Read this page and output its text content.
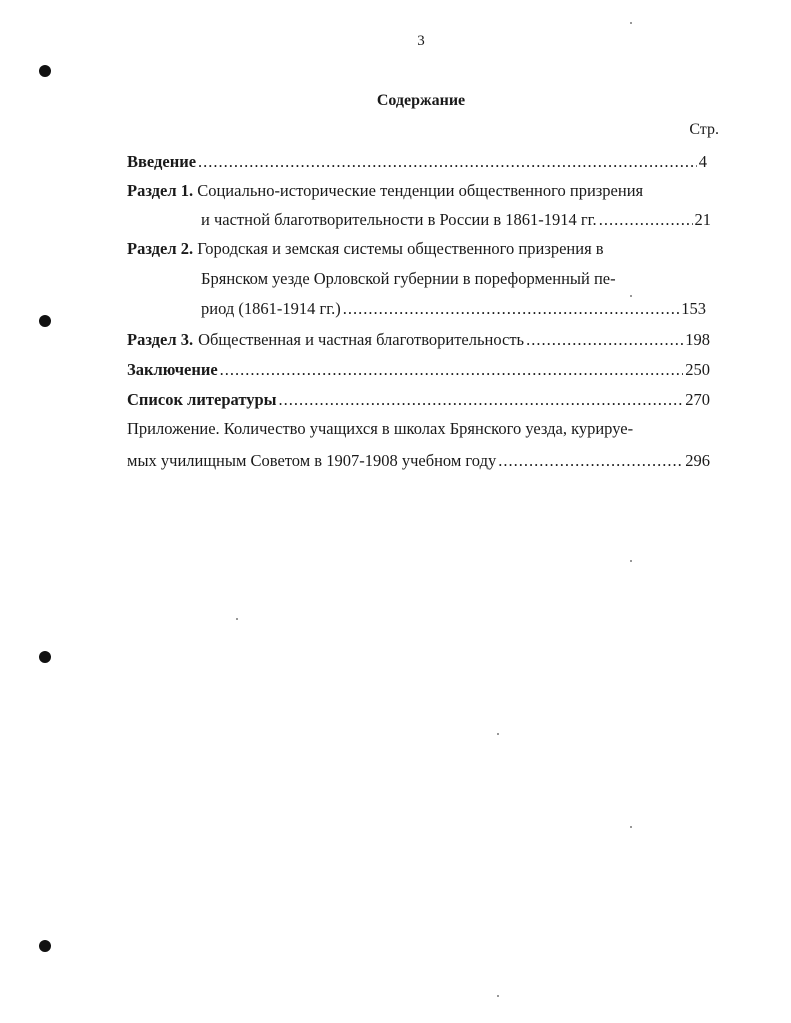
3
Содержание
Стр.
Введение .....	4
Раздел 1. Социально-исторические тенденции общественного призрения
и частной благотворительности в России в 1861-1914 гг. .....	21
Раздел 2. Городская и земская системы общественного призрения в
Брянском уезде Орловской губернии в пореформенный пе-
риод (1861-1914 гг.) .....	153
Раздел 3. Общественная и частная благотворительность .....	198
Заключение .....	250
Список литературы .....	270
Приложение. Количество учащихся в школах Брянского уезда, курируе-
мых училищным Советом в 1907-1908 учебном году .....	296
